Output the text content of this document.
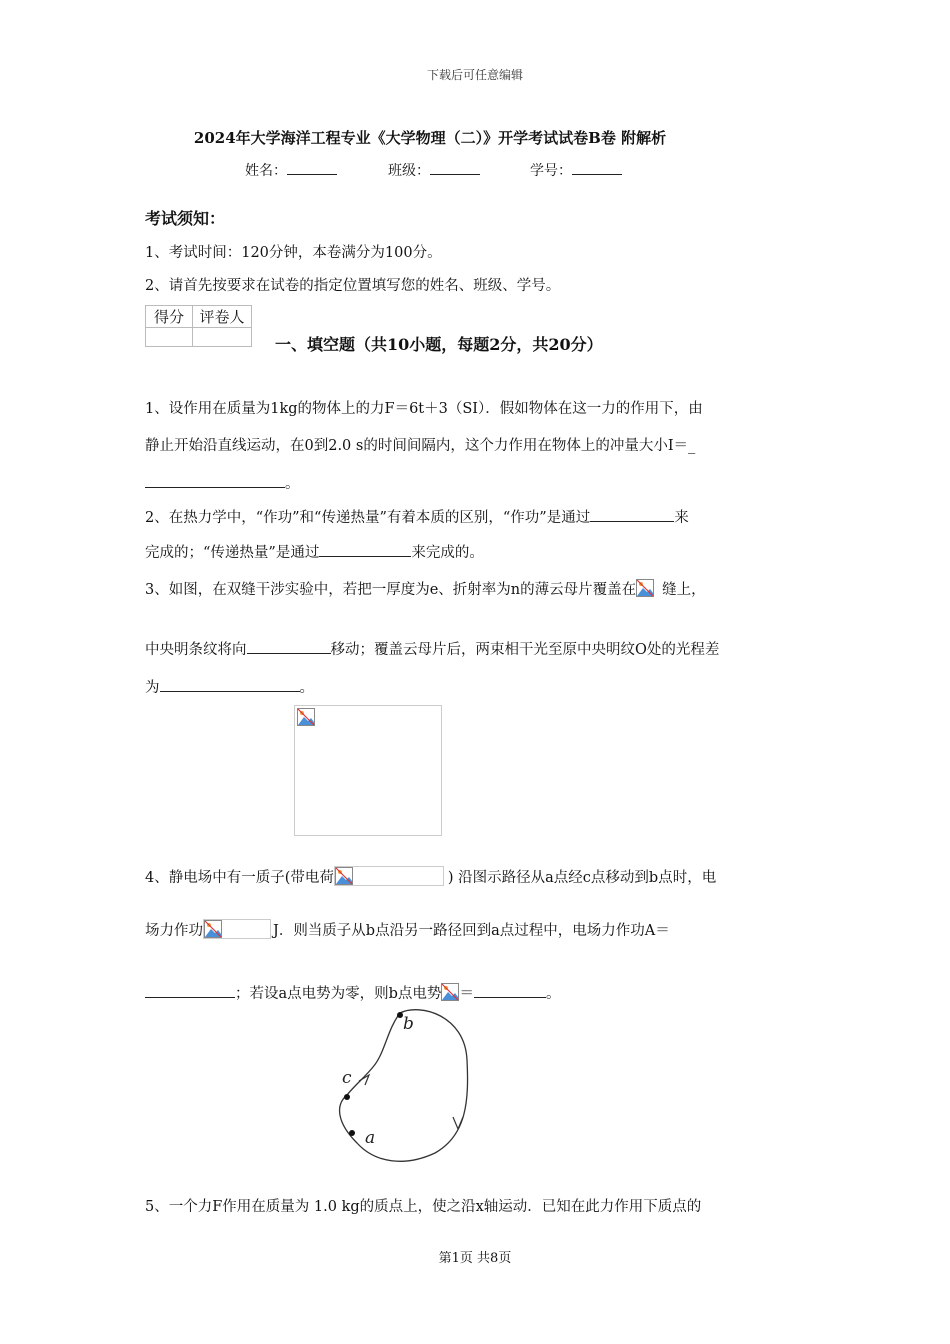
下载后可任意编辑
2024年大学海洋工程专业《大学物理（二）》开学考试试卷B卷 附解析
姓名：	班级：	学号：
考试须知：
1、考试时间：120分钟，本卷满分为100分。
2、请首先按要求在试卷的指定位置填写您的姓名、班级、学号。
得分	评卷人

一、填空题（共10小题，每题2分，共20分）
1、设作用在质量为1kg的物体上的力F＝6t＋3（SI）．假如物体在这一力的作用下，由
静止开始沿直线运动，在0到2.0 s的时间间隔内，这个力作用在物体上的冲量大小I＝_
。
2、在热力学中，“作功”和“传递热量”有着本质的区别，“作功”是通过	来
完成的；“传递热量”是通过	来完成的。
3、如图，在双缝干涉实验中，若把一厚度为e、折射率为n的薄云母片覆盖在 缝上，
中央明条纹将向	移动；覆盖云母片后，两束相干光至原中央明纹O处的光程差
为	。
4、静电场中有一质子(带电荷	) 沿图示路径从a点经c点移动到b点时，电
场力作功	J．则当质子从b点沿另一路径回到a点过程中，电场力作功A＝
；若设a点电势为零，则b点电势 ＝	。
b
c
a
5、一个力F作用在质量为 1.0 kg的质点上，使之沿x轴运动．已知在此力作用下质点的
第1页 共8页
